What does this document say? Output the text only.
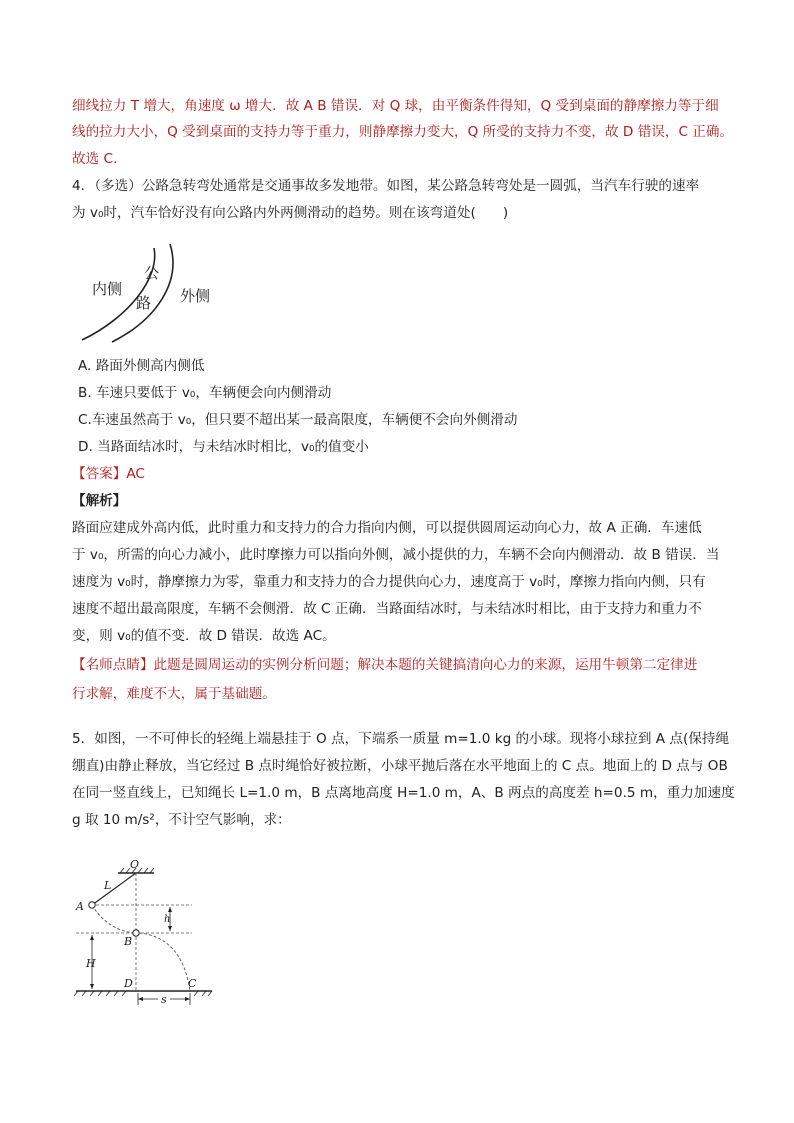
细线拉力 T 增大，角速度 ω 增大．故 A B 错误．对 Q 球，由平衡条件得知，Q 受到桌面的静摩擦力等于细
线的拉力大小，Q 受到桌面的支持力等于重力，则静摩擦力变大，Q 所受的支持力不变，故 D 错误，C 正确。
故选 C.
4．（多选）公路急转弯处通常是交通事故多发地带。如图，某公路急转弯处是一圆弧，当汽车行驶的速率
为 v₀时，汽车恰好没有向公路内外两侧滑动的趋势。则在该弯道处(　　)
内侧
公
路 外侧
A. 路面外侧高内侧低
B. 车速只要低于 v₀，车辆便会向内侧滑动
C.车速虽然高于 v₀，但只要不超出某一最高限度，车辆便不会向外侧滑动
D. 当路面结冰时，与未结冰时相比，v₀的值变小
【答案】AC
【解析】
路面应建成外高内低，此时重力和支持力的合力指向内侧，可以提供圆周运动向心力，故 A 正确．车速低
于 v₀，所需的向心力减小，此时摩擦力可以指向外侧，减小提供的力，车辆不会向内侧滑动．故 B 错误．当
速度为 v₀时，静摩擦力为零，靠重力和支持力的合力提供向心力，速度高于 v₀时，摩擦力指向内侧，只有
速度不超出最高限度，车辆不会侧滑．故 C 正确．当路面结冰时，与未结冰时相比，由于支持力和重力不
变，则 v₀的值不变．故 D 错误．故选 AC。
【名师点睛】此题是圆周运动的实例分析问题；解决本题的关键搞清向心力的来源，运用牛顿第二定律进
行求解，难度不大，属于基础题。
5．如图，一不可伸长的轻绳上端悬挂于 O 点，下端系一质量 m=1.0 kg 的小球。现将小球拉到 A 点(保持绳
绷直)由静止释放，当它经过 B 点时绳恰好被拉断，小球平抛后落在水平地面上的 C 点。地面上的 D 点与 OB
在同一竖直线上，已知绳长 L=1.0 m，B 点离地高度 H=1.0 m，A、B 两点的高度差 h=0.5 m，重力加速度
g 取 10 m/s²，不计空气影响，求：
O
L
A
h
B
H
D	C
s
